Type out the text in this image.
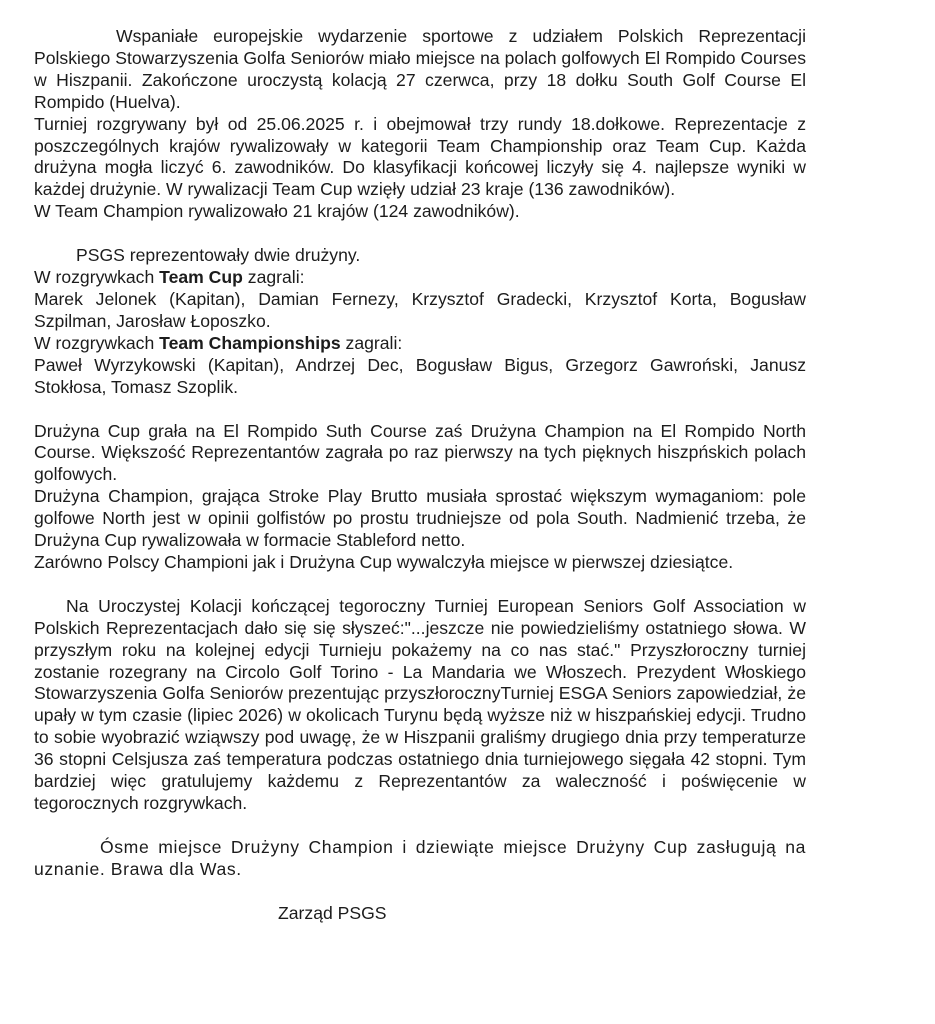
Wspaniałe europejskie wydarzenie sportowe z udziałem Polskich Reprezentacji Polskiego Stowarzyszenia Golfa Seniorów miało miejsce na polach golfowych El Rompido Courses w Hiszpanii. Zakończone uroczystą kolacją 27 czerwca, przy 18 dołku South Golf Course El Rompido (Huelva).

Turniej rozgrywany był od 25.06.2025 r. i obejmował trzy rundy 18.dołkowe. Reprezentacje z poszczególnych krajów rywalizowały w kategorii Team Championship oraz Team Cup. Każda drużyna mogła liczyć 6. zawodników. Do klasyfikacji końcowej liczyły się 4. najlepsze wyniki w każdej drużynie. W rywalizacji Team Cup wzięły udział 23 kraje (136 zawodników).

W Team Champion rywalizowało 21 krajów (124 zawodników).

PSGS reprezentowały dwie drużyny.

W rozgrywkach Team Cup zagrali:

Marek Jelonek (Kapitan), Damian Fernezy, Krzysztof Gradecki, Krzysztof Korta, Bogusław Szpilman, Jarosław Łoposzko.

W rozgrywkach Team Championships zagrali:

Paweł Wyrzykowski (Kapitan), Andrzej Dec, Bogusław Bigus, Grzegorz Gawroński, Janusz Stokłosa, Tomasz Szoplik.

Drużyna Cup grała na El Rompido Suth Course zaś Drużyna Champion na El Rompido North Course. Większość Reprezentantów zagrała po raz pierwszy na tych pięknych hiszpńskich polach golfowych.

Drużyna Champion, grająca Stroke Play Brutto musiała sprostać większym wymaganiom: pole golfowe North jest w opinii golfistów po prostu trudniejsze od pola South. Nadmienić trzeba, że Drużyna Cup rywalizowała w formacie Stableford netto.

Zarówno Polscy Championi jak i Drużyna Cup wywalczyła miejsce w pierwszej dziesiątce.

Na Uroczystej Kolacji kończącej tegoroczny Turniej European Seniors Golf Association w Polskich Reprezentacjach dało się się słyszeć:"...jeszcze nie powiedzieliśmy ostatniego słowa. W przyszłym roku na kolejnej edycji Turnieju pokażemy na co nas stać." Przyszłoroczny turniej zostanie rozegrany na Circolo Golf Torino - La Mandaria we Włoszech. Prezydent Włoskiego Stowarzyszenia Golfa Seniorów prezentując przyszłorocznyTurniej ESGA Seniors zapowiedział, że upały w tym czasie (lipiec 2026) w okolicach Turynu będą wyższe niż w hiszpańskiej edycji. Trudno to sobie wyobrazić wziąwszy pod uwagę, że w Hiszpanii graliśmy drugiego dnia przy temperaturze 36 stopni Celsjusza zaś temperatura podczas ostatniego dnia turniejowego sięgała 42 stopni. Tym bardziej więc gratulujemy każdemu z Reprezentantów za waleczność i poświęcenie w tegorocznych rozgrywkach.

Ósme miejsce Drużyny Champion i dziewiąte miejsce Drużyny Cup zasługują na uznanie. Brawa dla Was.

Zarząd PSGS
